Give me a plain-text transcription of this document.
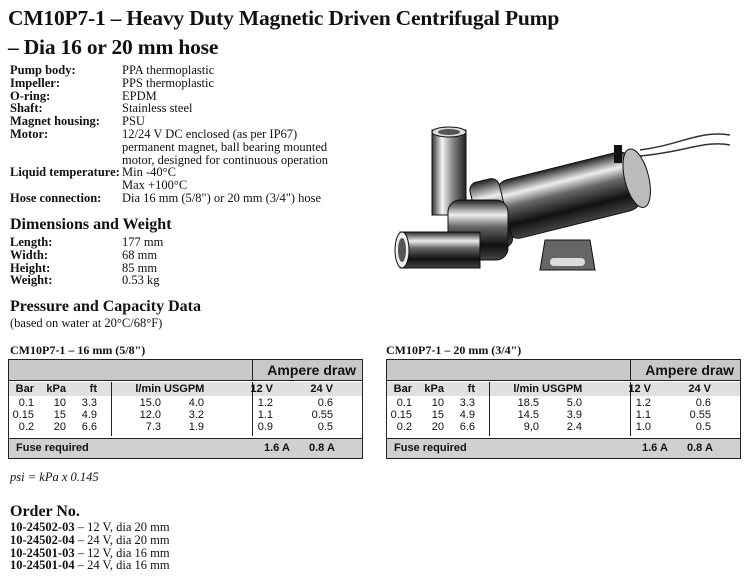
CM10P7-1 – Heavy Duty Magnetic Driven Centrifugal Pump
– Dia 16 or 20 mm hose
Pump body:	PPA thermoplastic
Impeller:	PPS thermoplastic
O-ring:	EPDM
Shaft:	Stainless steel
Magnet housing:	PSU
Motor:	12/24 V DC enclosed (as per IP67)
permanent magnet, ball bearing mounted
motor, designed for continuous operation
Liquid temperature: Min -40°C
Max +100°C
Hose connection:	Dia 16 mm (5/8") or 20 mm (3/4") hose
Dimensions and Weight
Length:	177 mm
Width:	68 mm
Height:	85 mm
Weight:	0.53 kg
Pressure and Capacity Data
(based on water at 20°C/68°F)
CM10P7-1 – 16 mm (5/8")
Ampere draw
Fuse required	1.6 A 0.8 A
Bar	kPa	ft	l/min USGPM	12 V	24 V
0.1	10	3.3	15.0	4.0	1.2	0.6
0.15	15	4.9	12.0	3.2	1.1	0.55
0.2	20	6.6	7.3	1.9	0.9	0.5
CM10P7-1 – 20 mm (3/4")
Ampere draw
Fuse required	1.6 A 0.8 A
Bar	kPa	ft	l/min USGPM	12 V	24 V
0.1	10	3.3	18.5	5.0	1.2	0.6
0.15	15	4.9	14.5	3.9	1.1	0.55
0.2	20	6.6	9,0	2.4	1.0	0.5
psi = kPa x 0.145
Order No.
10-24502-03 – 12 V, dia 20 mm
10-24502-04 – 24 V, dia 20 mm
10-24501-03 – 12 V, dia 16 mm
10-24501-04 – 24 V, dia 16 mm
